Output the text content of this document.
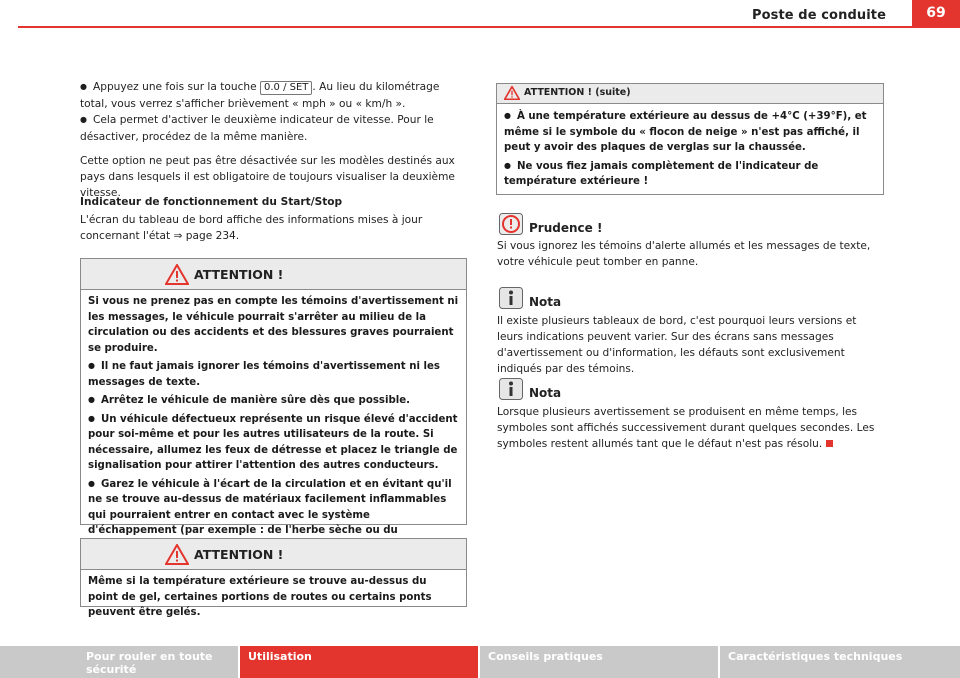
Poste de conduite	69
● Appuyez une fois sur la touche 0.0 / SET . Au lieu du kilométrage total, vous verrez s'afficher brièvement « mph » ou « km/h ».
● Cela permet d'activer le deuxième indicateur de vitesse. Pour le désactiver, procédez de la même manière.
Cette option ne peut pas être désactivée sur les modèles destinés aux pays dans lesquels il est obligatoire de toujours visualiser la deuxième vitesse.
Indicateur de fonctionnement du Start/Stop
L'écran du tableau de bord affiche des informations mises à jour concernant l'état ⇒ page 234.
ATTENTION !

Si vous ne prenez pas en compte les témoins d'avertissement ni les messages, le véhicule pourrait s'arrêter au milieu de la circulation ou des accidents et des blessures graves pourraient se produire.

● Il ne faut jamais ignorer les témoins d'avertissement ni les messages de texte.

● Arrêtez le véhicule de manière sûre dès que possible.

● Un véhicule défectueux représente un risque élevé d'accident pour soi-même et pour les autres utilisateurs de la route. Si nécessaire, allumez les feux de détresse et placez le triangle de signalisation pour attirer l'attention des autres conducteurs.

● Garez le véhicule à l'écart de la circulation et en évitant qu'il ne se trouve au-dessus de matériaux facilement inflammables qui pourraient entrer en contact avec le système d'échappement (par exemple : de l'herbe sèche ou du

ATTENTION !

Même si la température extérieure se trouve au-dessus du point de gel, certaines portions de routes ou certains ponts peuvent être gelés.

ATTENTION ! (suite)

● À une température extérieure au dessus de +4°C (+39°F), et même si le symbole du « flocon de neige » n'est pas affiché, il peut y avoir des plaques de verglas sur la chaussée.

● Ne vous fiez jamais complètement de l'indicateur de température extérieure !

Prudence !
Si vous ignorez les témoins d'alerte allumés et les messages de texte, votre véhicule peut tomber en panne.
Nota
Il existe plusieurs tableaux de bord, c'est pourquoi leurs versions et leurs indications peuvent varier. Sur des écrans sans messages d'avertissement ou d'information, les défauts sont exclusivement indiqués par des témoins.
Nota
Lorsque plusieurs avertissement se produisent en même temps, les symboles sont affichés successivement durant quelques secondes. Les symboles restent allumés tant que le défaut n'est pas résolu.
Pour rouler en toute sécurité
Utilisation	Conseils pratiques	Caractéristiques techniques
